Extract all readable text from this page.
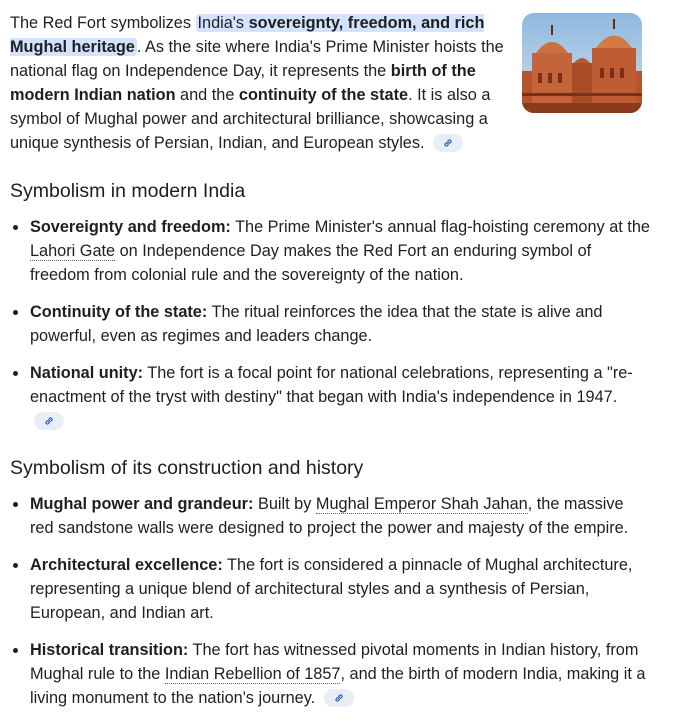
The Red Fort symbolizes India's sovereignty, freedom, and rich Mughal heritage . As the site where India's Prime Minister hoists the national flag on Independence Day, it represents the birth of the modern Indian nation and the continuity of the state. It is also a symbol of Mughal power and architectural brilliance, showcasing a unique synthesis of Persian, Indian, and European styles.

Symbolism in modern India
Sovereignty and freedom: The Prime Minister's annual flag-hoisting ceremony at the Lahori Gate on Independence Day makes the Red Fort an enduring symbol of freedom from colonial rule and the sovereignty of the nation.
Continuity of the state: The ritual reinforces the idea that the state is alive and powerful, even as regimes and leaders change.
National unity: The fort is a focal point for national celebrations, representing a "re-enactment of the tryst with destiny" that began with India's independence in 1947.
Symbolism of its construction and history
Mughal power and grandeur: Built by Mughal Emperor Shah Jahan, the massive red sandstone walls were designed to project the power and majesty of the empire.
Architectural excellence: The fort is considered a pinnacle of Mughal architecture, representing a unique blend of architectural styles and a synthesis of Persian, European, and Indian art.
Historical transition: The fort has witnessed pivotal moments in Indian history, from Mughal rule to the Indian Rebellion of 1857, and the birth of modern India, making it a living monument to the nation's journey.
